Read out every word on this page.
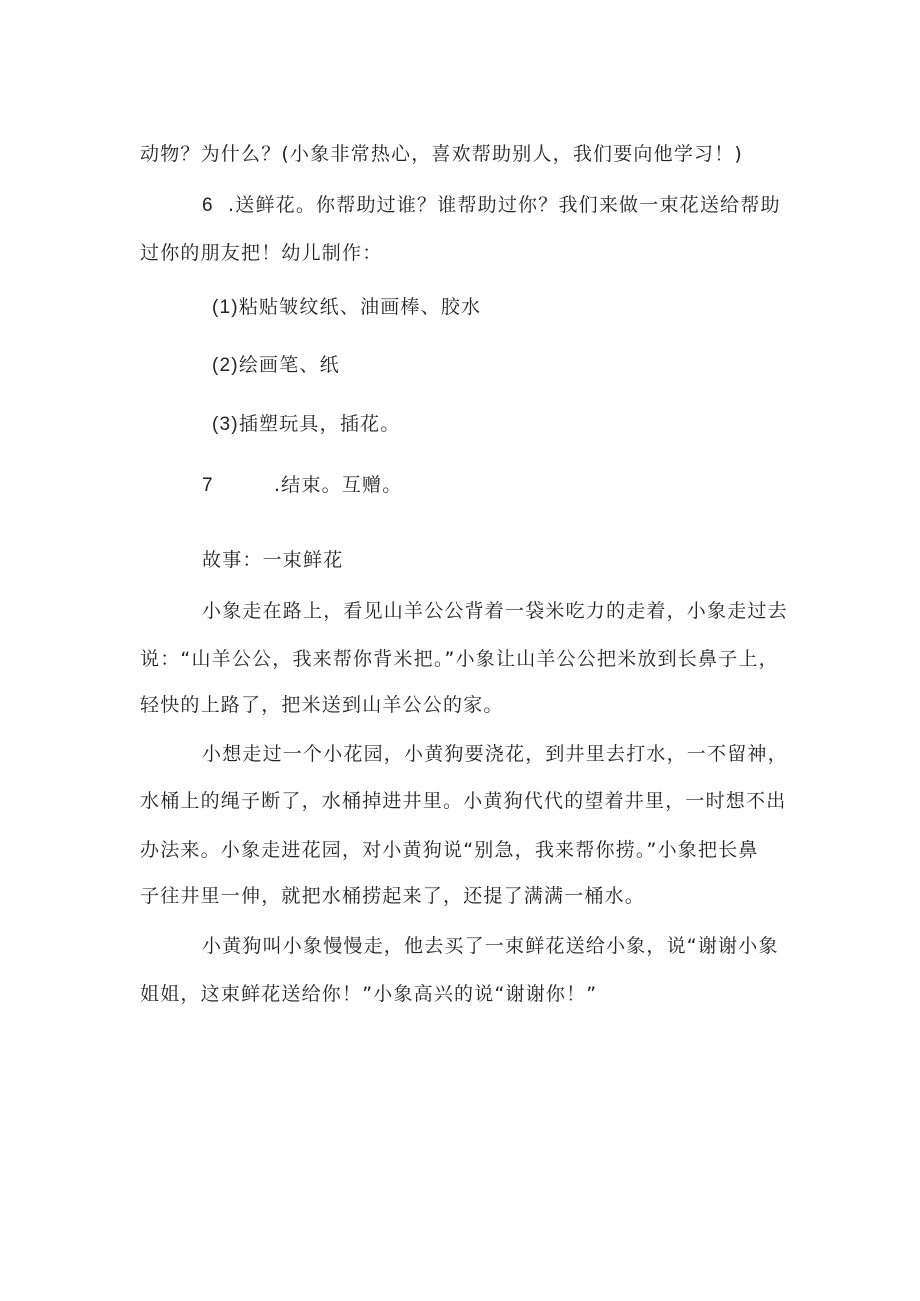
动物？为什么？(小象非常热心，喜欢帮助别人，我们要向他学习！)
6 .送鲜花。你帮助过谁？谁帮助过你？我们来做一束花送给帮助
过你的朋友把！幼儿制作：
(1)粘贴皱纹纸、油画棒、胶水
(2)绘画笔、纸
(3)插塑玩具，插花。
7	.结束。互赠。
故事：一束鲜花
小象走在路上，看见山羊公公背着一袋米吃力的走着，小象走过去
说：“山羊公公，我来帮你背米把。”小象让山羊公公把米放到长鼻子上，
轻快的上路了，把米送到山羊公公的家。
小想走过一个小花园，小黄狗要浇花，到井里去打水，一不留神，
水桶上的绳子断了，水桶掉进井里。小黄狗代代的望着井里，一时想不出
办法来。小象走进花园，对小黄狗说“别急，我来帮你捞。”小象把长鼻
子往井里一伸，就把水桶捞起来了，还提了满满一桶水。
小黄狗叫小象慢慢走，他去买了一束鲜花送给小象，说“谢谢小象
姐姐，这束鲜花送给你！”小象高兴的说“谢谢你！”
